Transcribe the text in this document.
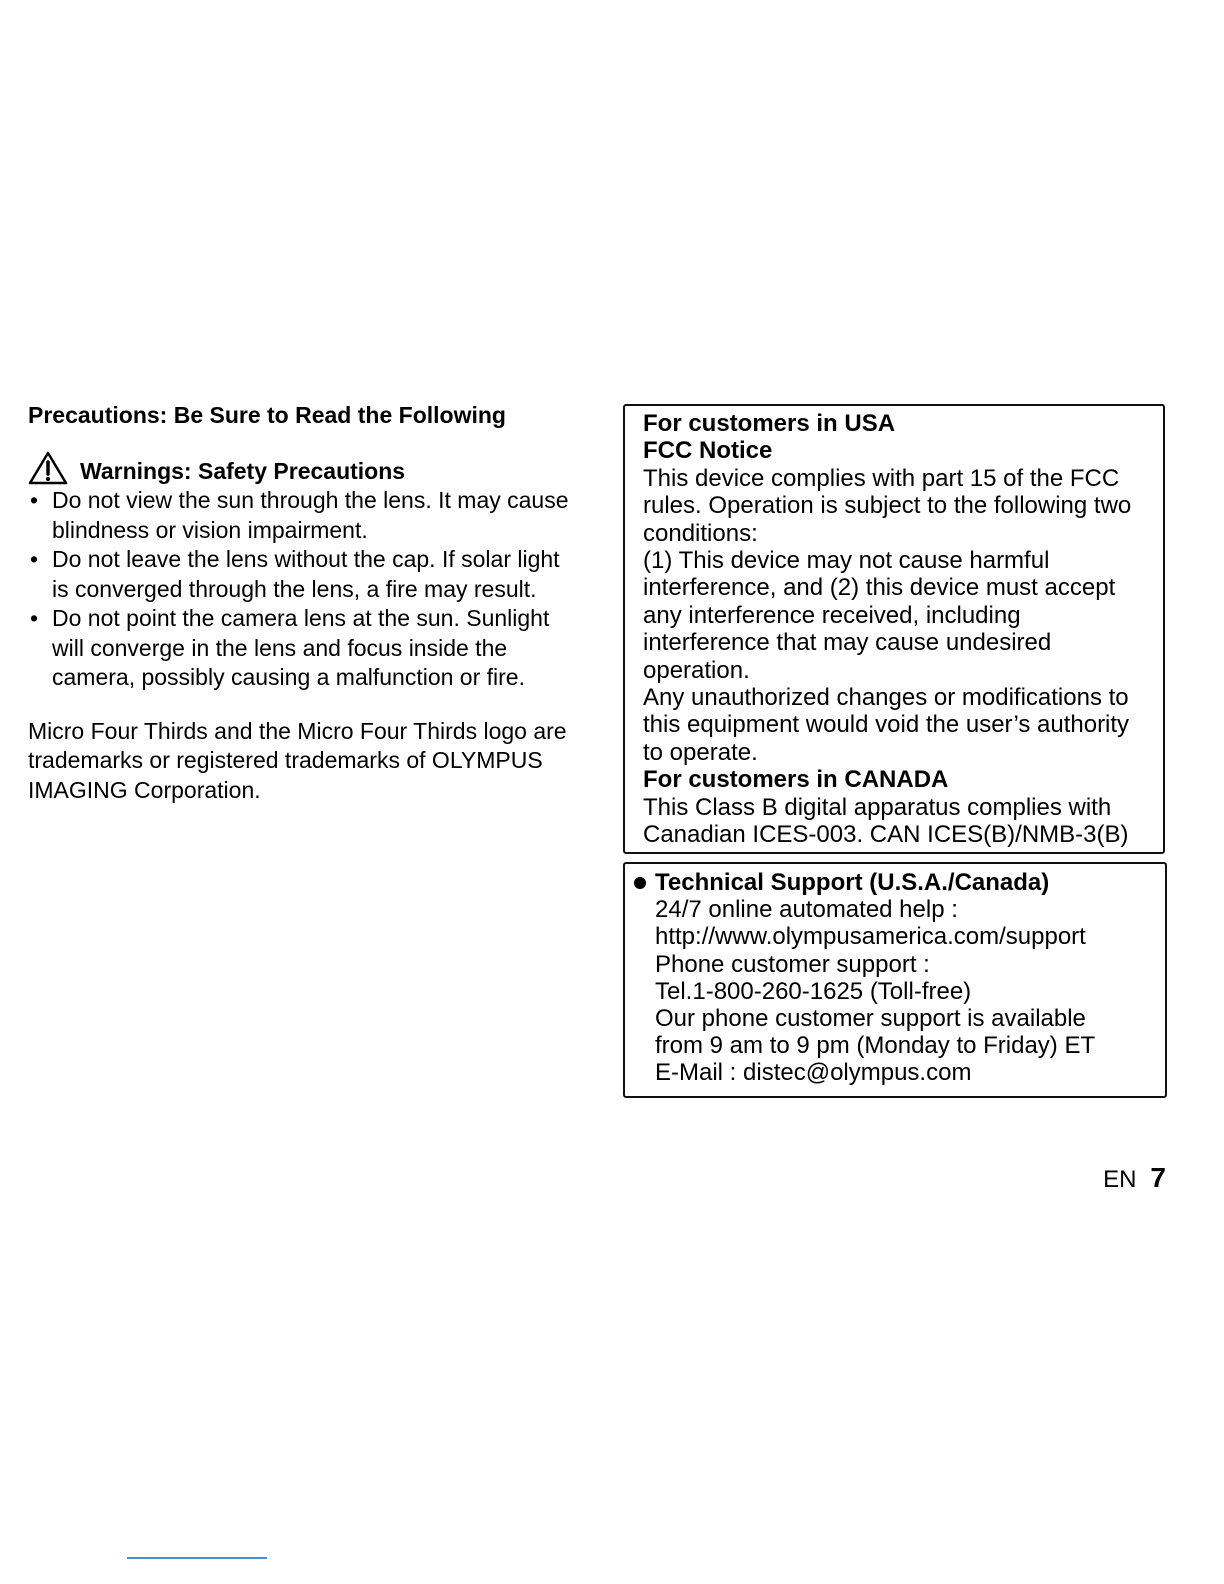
Precautions: Be Sure to Read the Following

Warnings: Safety Precautions
• Do not view the sun through the lens. It may cause blindness or vision impairment.
• Do not leave the lens without the cap. If solar light is converged through the lens, a fire may result.
• Do not point the camera lens at the sun. Sunlight will converge in the lens and focus inside the camera, possibly causing a malfunction or fire.
Micro Four Thirds and the Micro Four Thirds logo are trademarks or registered trademarks of OLYMPUS IMAGING Corporation.
For customers in USA
FCC Notice
This device complies with part 15 of the FCC rules. Operation is subject to the following two conditions:
(1) This device may not cause harmful interference, and (2) this device must accept any interference received, including interference that may cause undesired operation.
Any unauthorized changes or modifications to this equipment would void the user’s authority to operate.
For customers in CANADA
This Class B digital apparatus complies with Canadian ICES-003. CAN ICES(B)/NMB-3(B)
Technical Support (U.S.A./Canada)
24/7 online automated help :
http://www.olympusamerica.com/support
Phone customer support :
Tel.1-800-260-1625 (Toll-free)
Our phone customer support is available
from 9 am to 9 pm (Monday to Friday) ET
E-Mail : distec@olympus.com
EN 7
